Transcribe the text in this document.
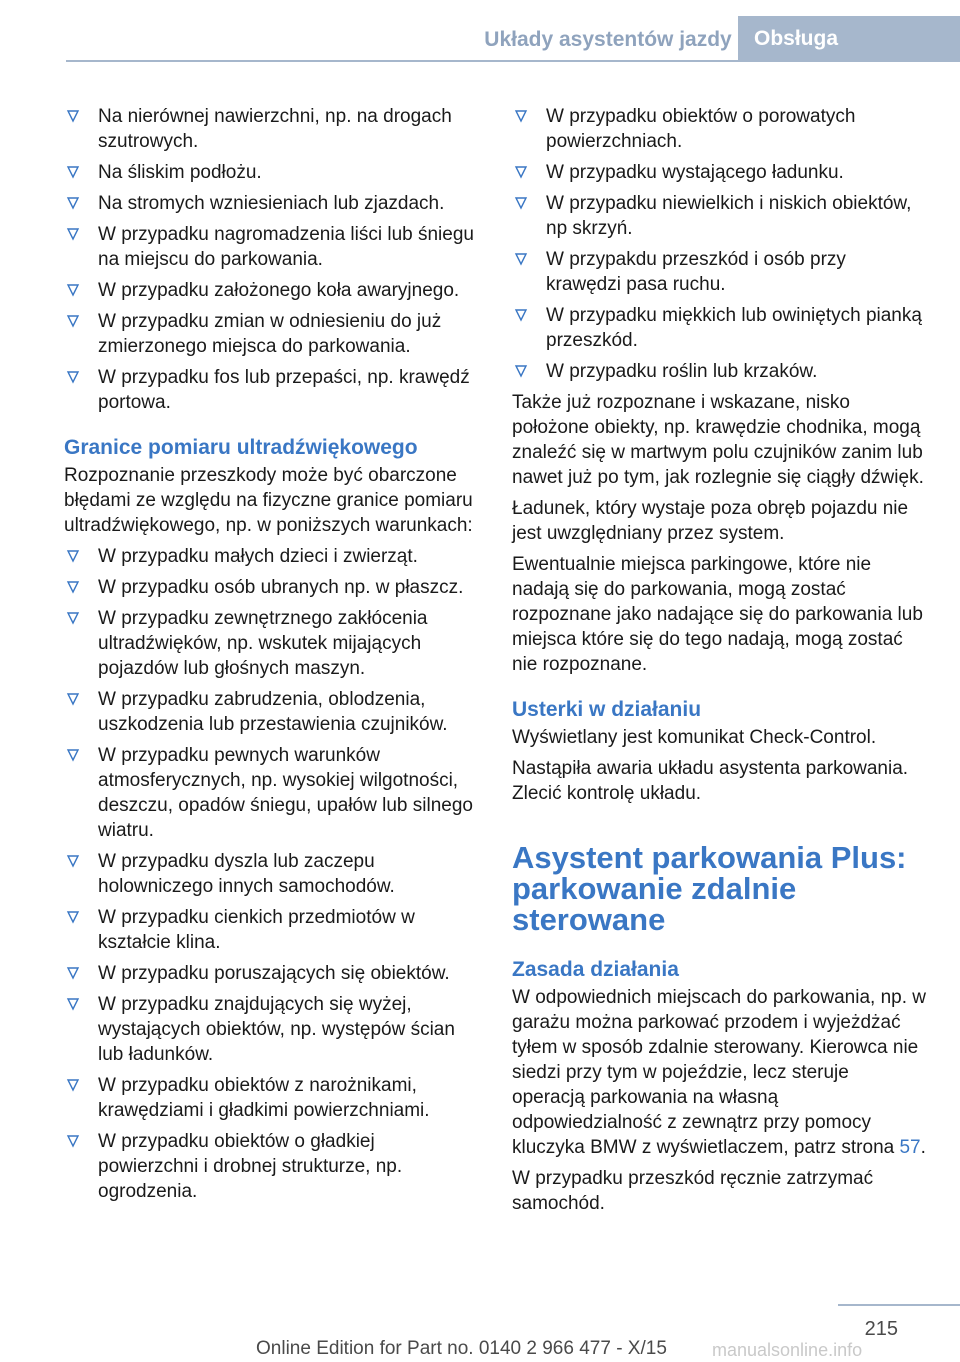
Układy asystentów jazdy	Obsługa
Na nierównej nawierzchni, np. na drogach szutrowych.
Na śliskim podłożu.
Na stromych wzniesieniach lub zjazdach.
W przypadku nagromadzenia liści lub śniegu na miejscu do parkowania.
W przypadku założonego koła awaryjnego.
W przypadku zmian w odniesieniu do już zmierzonego miejsca do parkowania.
W przypadku fos lub przepaści, np. krawędź portowa.
Granice pomiaru ultradźwiękowego

Rozpoznanie przeszkody może być obarczone błędami ze względu na fizyczne granice pomiaru ultradźwiękowego, np. w poniższych warunkach:

W przypadku małych dzieci i zwierząt.
W przypadku osób ubranych np. w płaszcz.
W przypadku zewnętrznego zakłócenia ultradźwięków, np. wskutek mijających pojazdów lub głośnych maszyn.
W przypadku zabrudzenia, oblodzenia, uszkodzenia lub przestawienia czujników.
W przypadku pewnych warunków atmosferycznych, np. wysokiej wilgotności, deszczu, opadów śniegu, upałów lub silnego wiatru.
W przypadku dyszla lub zaczepu holowniczego innych samochodów.
W przypadku cienkich przedmiotów w kształcie klina.
W przypadku poruszających się obiektów.
W przypadku znajdujących się wyżej, wystających obiektów, np. występów ścian lub ładunków.
W przypadku obiektów z narożnikami, krawędziami i gładkimi powierzchniami.
W przypadku obiektów o gładkiej powierzchni i drobnej strukturze, np. ogrodzenia.
W przypadku obiektów o porowatych powierzchniach.
W przypadku wystającego ładunku.
W przypadku niewielkich i niskich obiektów, np skrzyń.
W przypakdu przeszkód i osób przy krawędzi pasa ruchu.
W przypadku miękkich lub owiniętych pianką przeszkód.
W przypadku roślin lub krzaków.

Także już rozpoznane i wskazane, nisko położone obiekty, np. krawędzie chodnika, mogą znaleźć się w martwym polu czujników zanim lub nawet już po tym, jak rozlegnie się ciągły dźwięk.

Ładunek, który wystaje poza obręb pojazdu nie jest uwzględniany przez system.

Ewentualnie miejsca parkingowe, które nie nadają się do parkowania, mogą zostać rozpoznane jako nadające się do parkowania lub miejsca które się do tego nadają, mogą zostać nie rozpoznane.

Usterki w działaniu

Wyświetlany jest komunikat Check-Control.

Nastąpiła awaria układu asystenta parkowania. Zlecić kontrolę układu.

Asystent parkowania Plus:
parkowanie zdalnie
sterowane
Zasada działania

W odpowiednich miejscach do parkowania, np. w garażu można parkować przodem i wyjeżdżać tyłem w sposób zdalnie sterowany. Kierowca nie siedzi przy tym w pojeździe, lecz steruje operacją parkowania na własną odpowiedzialność z zewnątrz przy pomocy kluczyka BMW z wyświetlaczem, patrz strona 57.

W przypadku przeszkód ręcznie zatrzymać samochód.

215
Online Edition for Part no. 0140 2 966 477 - X/15	manualsonline.info
